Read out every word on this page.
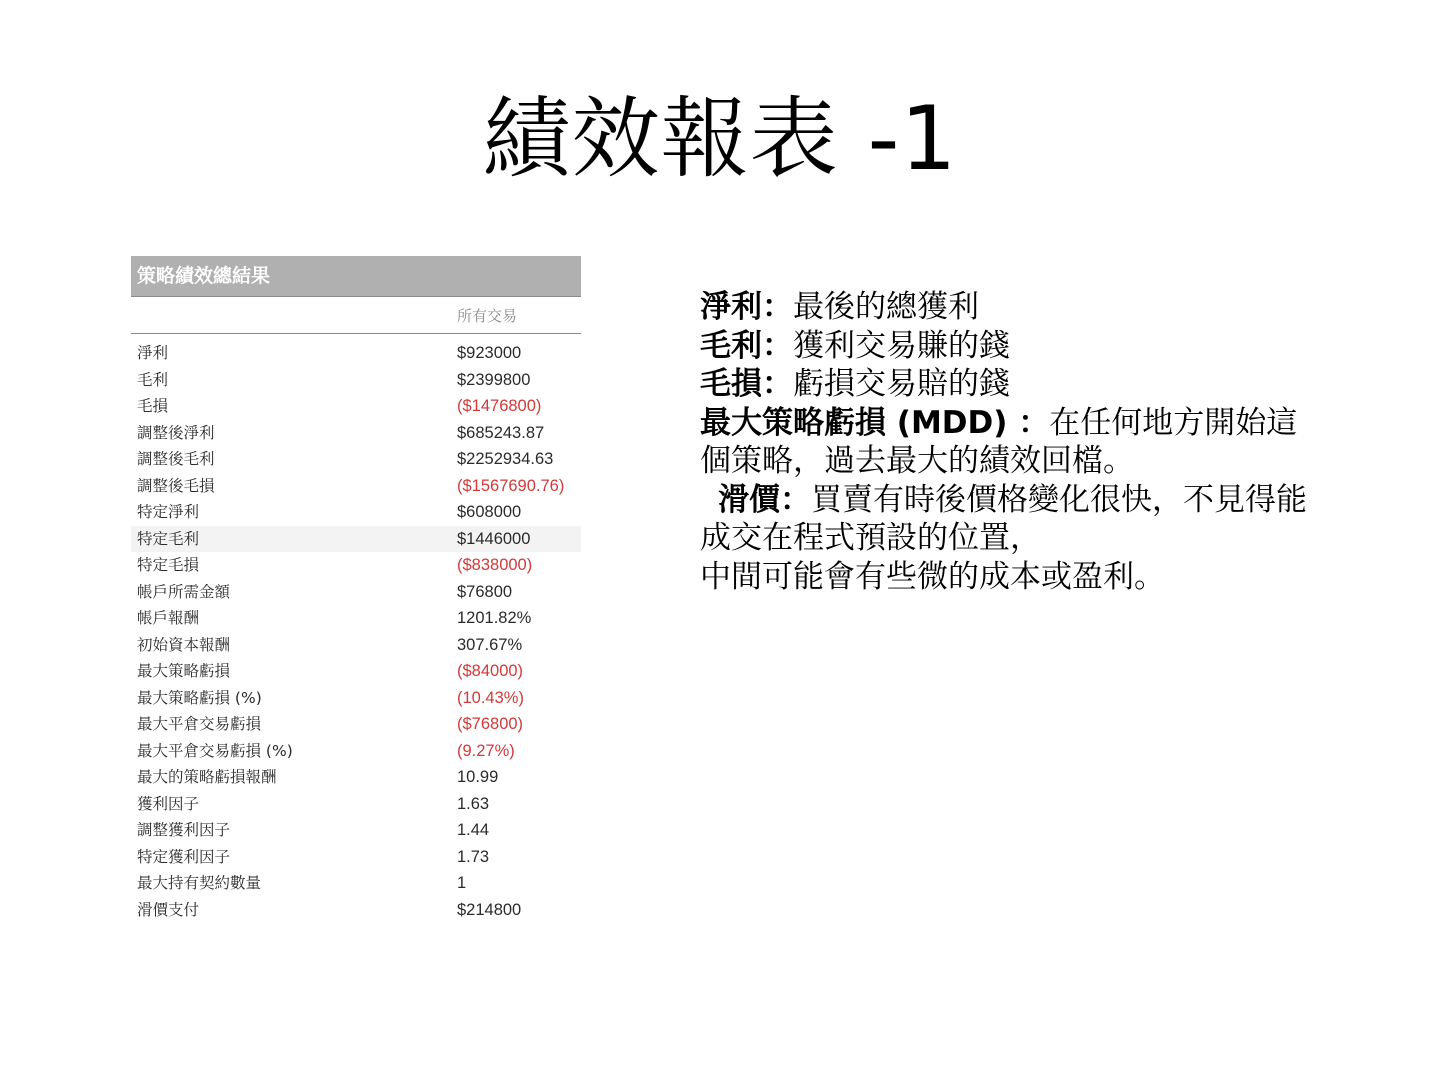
績效報表 -1
策略績效總結果
所有交易
淨利	$923000
毛利	$2399800
毛損	($1476800)
調整後淨利	$685243.87
調整後毛利	$2252934.63
調整後毛損	($1567690.76)
特定淨利	$608000
特定毛利	$1446000
特定毛損	($838000)
帳戶所需金額	$76800
帳戶報酬	1201.82%
初始資本報酬	307.67%
最大策略虧損	($84000)
最大策略虧損 (%)	(10.43%)
最大平倉交易虧損	($76800)
最大平倉交易虧損 (%)	(9.27%)
最大的策略虧損報酬	10.99
獲利因子	1.63
調整獲利因子	1.44
特定獲利因子	1.73
最大持有契約數量	1
滑價支付	$214800
淨利：最後的總獲利
毛利：獲利交易賺的錢
毛損：虧損交易賠的錢
最大策略虧損 (MDD) ：在任何地方開始這
個策略，過去最大的績效回檔。
滑價：買賣有時後價格變化很快，不見得能
成交在程式預設的位置，
中間可能會有些微的成本或盈利。
